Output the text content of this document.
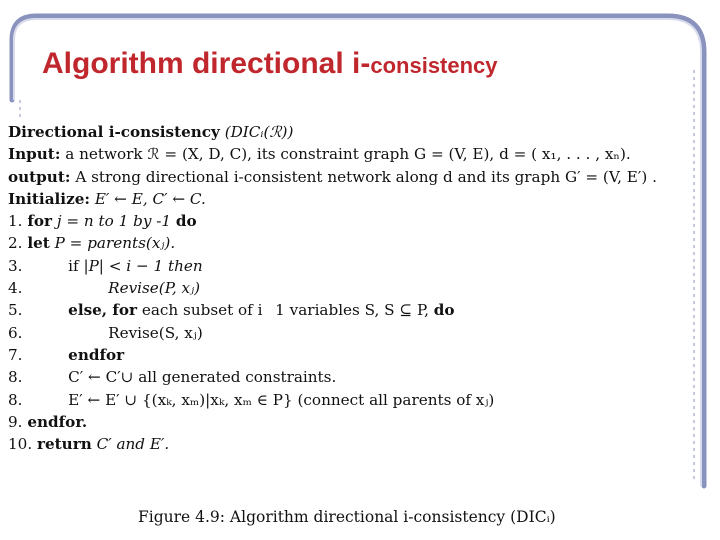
Algorithm directional i-consistency
Directional i-consistency (DICᵢ(ℛ))
Input: a network ℛ = (X, D, C), its constraint graph G = (V, E), d = ( x₁, . . . , xₙ).
output: A strong directional i-consistent network along d and its graph G′ = (V, E′) .
Initialize: E′ ← E, C′ ← C.
1. for j = n to 1 by -1 do
2. let P = parents(xⱼ).
3.	if |P| < i − 1 then
4.	Revise(P, xⱼ)
5.	else, for each subset of i   1 variables S, S ⊆ P, do
6.	Revise(S, xⱼ)
7.	endfor
8.	C′ ← C′∪ all generated constraints.
8.	E′ ← E′ ∪ {(xₖ, xₘ)|xₖ, xₘ ∈ P} (connect all parents of xⱼ)
9. endfor.
10. return C′ and E′.
Figure 4.9: Algorithm directional i-consistency (DICᵢ)
